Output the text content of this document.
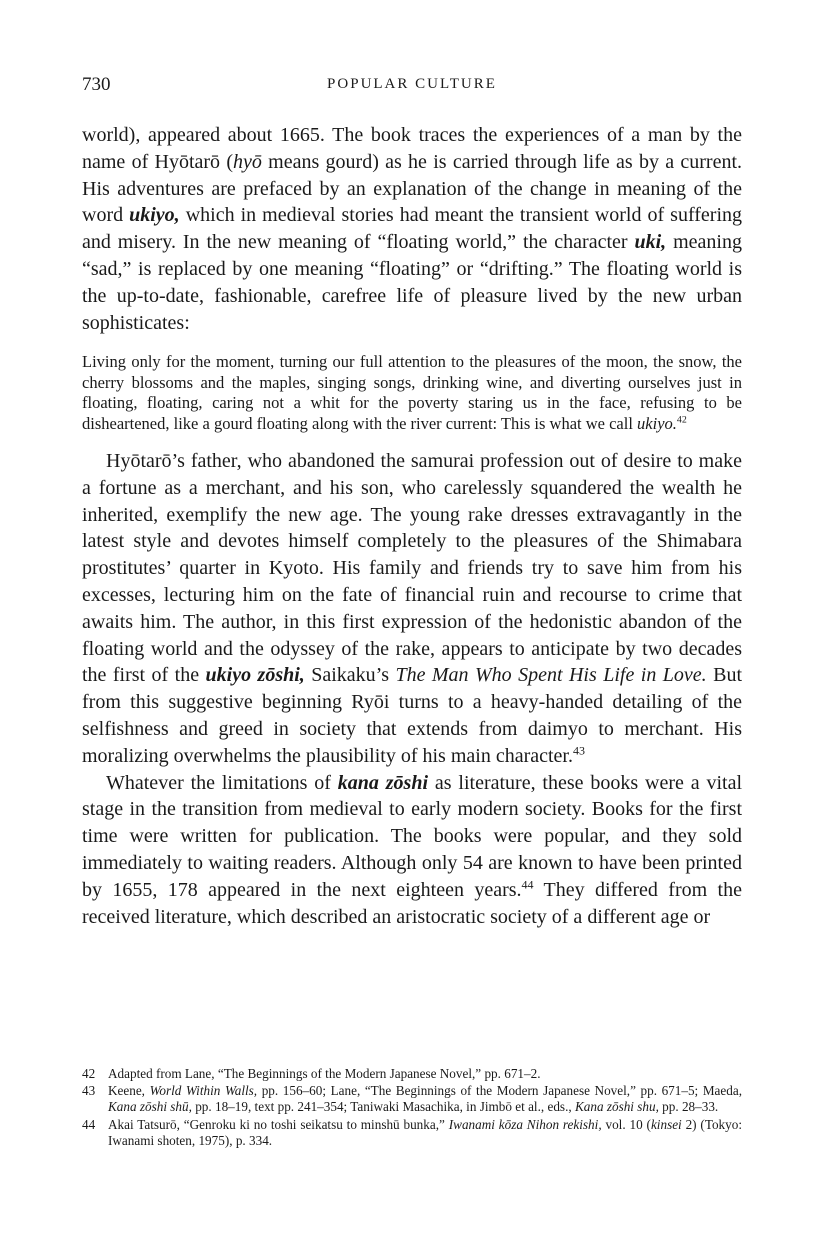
730	POPULAR CULTURE

world), appeared about 1665. The book traces the experiences of a man by the name of Hyōtarō (hyō means gourd) as he is carried through life as by a current. His adventures are prefaced by an explanation of the change in meaning of the word ukiyo, which in medieval stories had meant the transient world of suffering and misery. In the new meaning of “floating world,” the character uki, meaning “sad,” is replaced by one meaning “floating” or “drifting.” The floating world is the up-to-date, fashionable, carefree life of pleasure lived by the new urban sophisticates:

Living only for the moment, turning our full attention to the pleasures of the moon, the snow, the cherry blossoms and the maples, singing songs, drinking wine, and diverting ourselves just in floating, floating, caring not a whit for the poverty staring us in the face, refusing to be disheartened, like a gourd floating along with the river current: This is what we call ukiyo.$^{42}$

Hyōtarō’s father, who abandoned the samurai profession out of desire to make a fortune as a merchant, and his son, who carelessly squandered the wealth he inherited, exemplify the new age. The young rake dresses extravagantly in the latest style and devotes himself completely to the pleasures of the Shimabara prostitutes’ quarter in Kyoto. His family and friends try to save him from his excesses, lecturing him on the fate of financial ruin and recourse to crime that awaits him. The author, in this first expression of the hedonistic abandon of the floating world and the odyssey of the rake, appears to anticipate by two decades the first of the ukiyo zōshi, Saikaku’s The Man Who Spent His Life in Love. But from this suggestive beginning Ryōi turns to a heavy-handed detailing of the selfishness and greed in society that extends from daimyo to merchant. His moralizing overwhelms the plausibility of his main character.$^{43}$

Whatever the limitations of kana zōshi as literature, these books were a vital stage in the transition from medieval to early modern society. Books for the first time were written for publication. The books were popular, and they sold immediately to waiting readers. Although only 54 are known to have been printed by 1655, 178 appeared in the next eighteen years.$^{44}$ They differed from the received literature, which described an aristocratic society of a different age or

42 Adapted from Lane, “The Beginnings of the Modern Japanese Novel,” pp. 671–2.

43 Keene, World Within Walls, pp. 156–60; Lane, “The Beginnings of the Modern Japanese Novel,” pp. 671–5; Maeda, Kana zōshi shū, pp. 18–19, text pp. 241–354; Taniwaki Masachika, in Jimbō et al., eds., Kana zōshi shu, pp. 28–33.

44 Akai Tatsurō, “Genroku ki no toshi seikatsu to minshū bunka,” Iwanami kōza Nihon rekishi, vol. 10 (kinsei 2) (Tokyo: Iwanami shoten, 1975), p. 334.
